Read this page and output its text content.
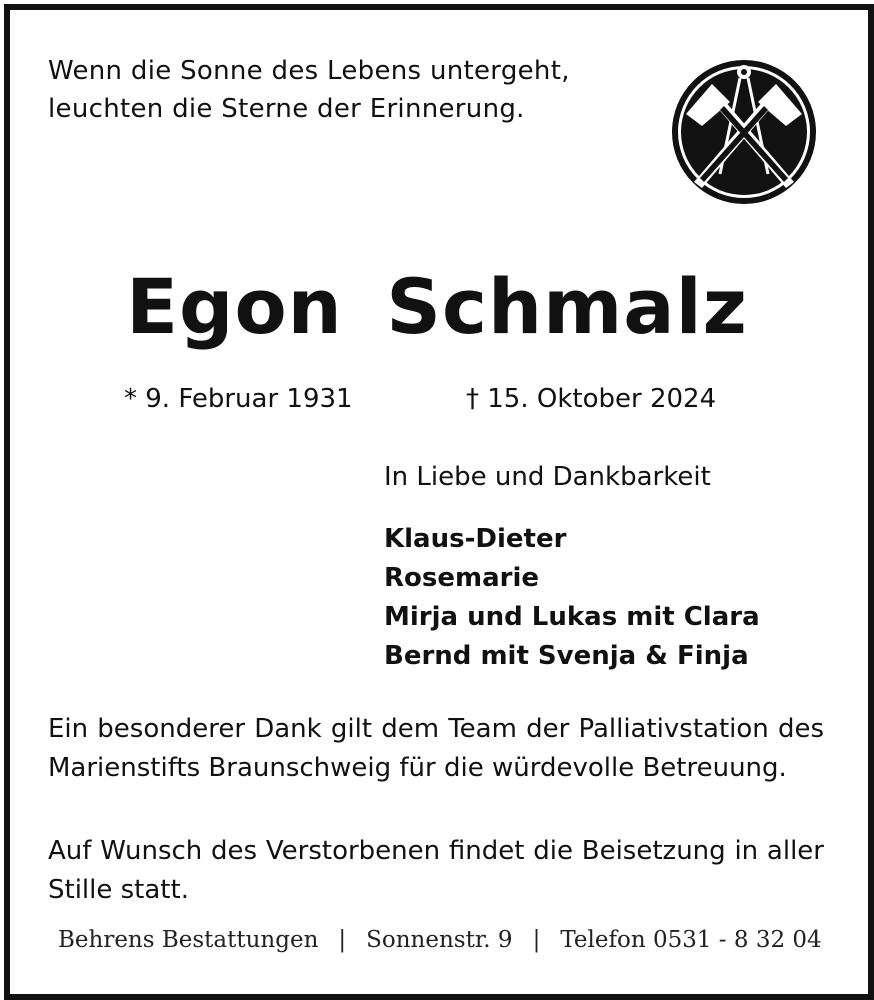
Wenn die Sonne des Lebens untergeht,
leuchten die Sterne der Erinnerung.
Egon Schmalz
* 9. Februar 1931	† 15. Oktober 2024
In Liebe und Dankbarkeit
Klaus-Dieter
Rosemarie
Mirja und Lukas mit Clara
Bernd mit Svenja & Finja
Ein besonderer Dank gilt dem Team der Palliativstation des Marienstifts Braunschweig für die würdevolle Betreuung.
Auf Wunsch des Verstorbenen findet die Beisetzung in aller Stille statt.
Behrens Bestattungen | Sonnenstr. 9 | Telefon 0531 - 8 32 04
